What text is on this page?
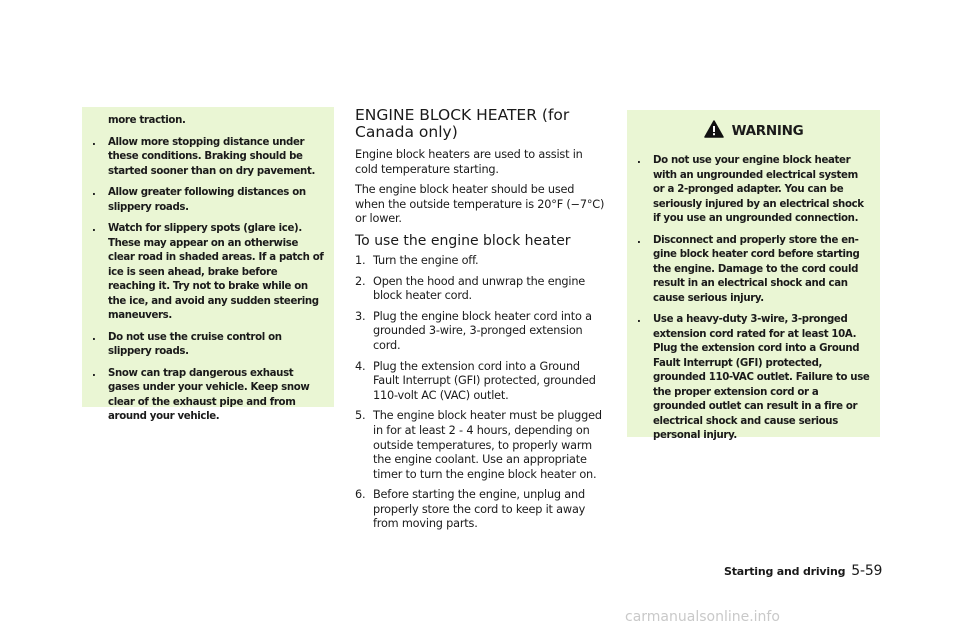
more traction.
. Allow more stopping distance under these conditions. Braking should be started sooner than on dry pavement.
. Allow greater following distances on slippery roads.
. Watch for slippery spots (glare ice). These may appear on an otherwise clear road in shaded areas. If a patch of ice is seen ahead, brake before reaching it. Try not to brake while on the ice, and avoid any sudden steering maneuvers.
. Do not use the cruise control on slippery roads.
. Snow can trap dangerous exhaust gases under your vehicle. Keep snow clear of the exhaust pipe and from around your vehicle.
ENGINE BLOCK HEATER (for Canada only)

Engine block heaters are used to assist in cold temperature starting.

The engine block heater should be used when the outside temperature is 20°F (−7°C) or lower.

To use the engine block heater
1. Turn the engine off.
2. Open the hood and unwrap the engine block heater cord.
3. Plug the engine block heater cord into a grounded 3-wire, 3-pronged extension cord.
4. Plug the extension cord into a Ground Fault Interrupt (GFI) protected, grounded 110-volt AC (VAC) outlet.
5. The engine block heater must be plugged in for at least 2 - 4 hours, depending on outside temperatures, to properly warm the engine coolant. Use an appropriate timer to turn the engine block heater on.
6. Before starting the engine, unplug and properly store the cord to keep it away from moving parts.
WARNING
. Do not use your engine block heater with an ungrounded electrical system or a 2-pronged adapter. You can be seriously injured by an electrical shock if you use an ungrounded connection.
. Disconnect and properly store the en-gine block heater cord before starting the engine. Damage to the cord could result in an electrical shock and can cause serious injury.
. Use a heavy-duty 3-wire, 3-pronged extension cord rated for at least 10A. Plug the extension cord into a Ground Fault Interrupt (GFI) protected, grounded 110-VAC outlet. Failure to use the proper extension cord or a grounded outlet can result in a fire or electrical shock and cause serious personal injury.
Starting and driving 5-59
carmanualsonline.info
